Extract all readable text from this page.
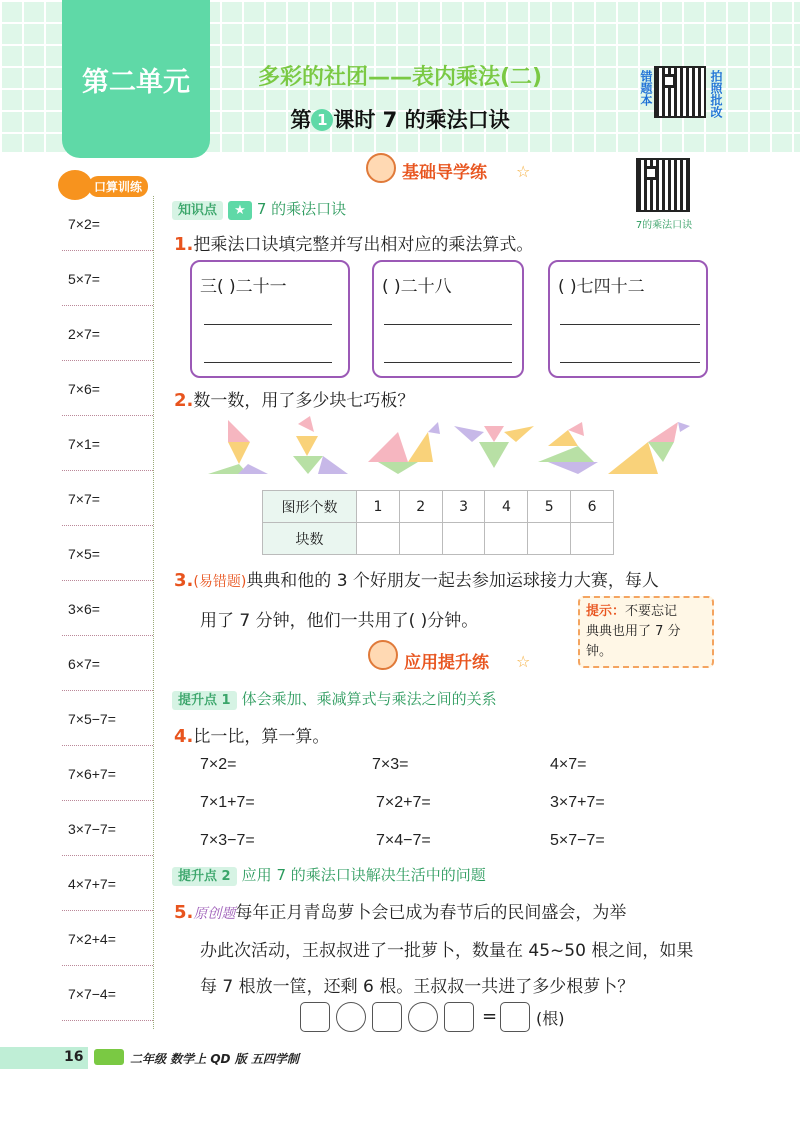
第二单元	多彩的社团——表内乘法(二)
第 1 课时 7 的乘法口诀
错题本	拍照批改
7的乘法口诀
口算训练
7×2=
5×7=
2×7=
7×6=
7×1=
7×7=
7×5=
3×6=
6×7=
7×5−7=
7×6+7=
3×7−7=
4×7+7=
7×2+4=
7×7−4=
基础导学练 ☆
知识点 ★ 7 的乘法口诀
1.把乘法口诀填完整并写出相对应的乘法算式。
三( )二十一	( )二十八	( )七四十二
2.数一数，用了多少块七巧板？
图形个数	1	2	3	4	5	6
块数						
3.(易错题)典典和他的 3 个好朋友一起去参加运球接力大赛，每人
用了 7 分钟，他们一共用了( )分钟。	提示：不要忘记
典典也用了 7 分钟。
应用提升练 ☆
提升点 1 体会乘加、乘减算式与乘法之间的关系
4.比一比，算一算。
7×2=	7×3=	4×7=
7×1+7=	7×2+7=	3×7+7=
7×3−7=	7×4−7=	5×7−7=
提升点 2 应用 7 的乘法口诀解决生活中的问题
5.原创题每年正月青岛萝卜会已成为春节后的民间盛会，为举
办此次活动，王叔叔进了一批萝卜，数量在 45~50 根之间，如果
每 7 根放一筐，还剩 6 根。王叔叔一共进了多少根萝卜？
= (根)
16	二年级 数学上 QD 版 五四学制
